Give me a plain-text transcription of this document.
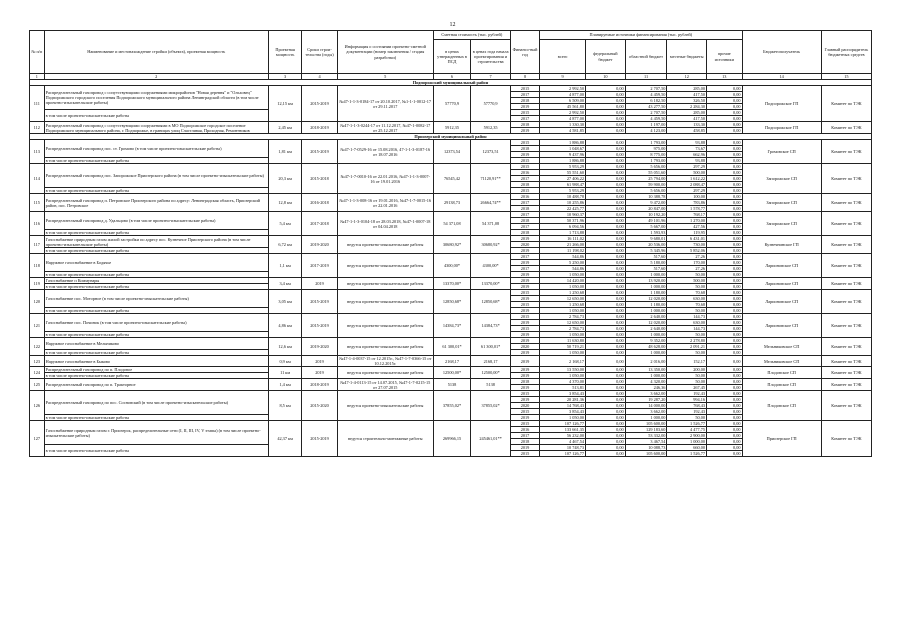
12
№ п/п	Наименование и местонахождение стройки (объекта), проектная мощность	Проектная мощность	Сроки строи-тельства (годы)	Информация о состоянии проектно-сметной документации (номер заключения / стадия разработки)	Сметная стоимость (тыс. рублей)		Финансо-вый год	Планируемые источники финансирования (тыс. рублей)					Бюджетополучатель	Главный распорядитель бюджетных средств
					в ценах утвержденных в ПСД	в ценах года начала проектирования и строительства		всего	федеральный бюджет	областной бюджет	местные бюджеты	прочие источники		
1	2	3	4	5	6	7	8	9	10	11	12	13	14	15
Подпорожский муниципальный район														
111	Распределительный газопровод с сопутствующими сооружениями микрорайонов "Новая деревня" и "Ольховец" Подпорожского городского поселения Подпорожского муниципального района Ленинградской области (в том числе проектно-изыскательские работы)	12,15 км	2015-2019	№47-1-1-3-0184-17 от 20.10.2017, №1-1-1-0012-17 от 29.11.2017	57770,9	57770,9	2015	2 992,50	0,00	2 707,50	285,00	0,00	Подпорожское ГП	Комитет по ТЭК
							2017	4 877,00	0,00	4 459,50	417,50	0,00		
							2018	6 509,00	0,00	6 182,50	326,50	0,00		
							2019	45 561,80	0,00	43 277,50	2 284,30	0,00		
	в том числе проектно-изыскательские работы						2015	2 992,50	0,00	2 707,50	285,00	0,00		
							2017	4 877,00	0,00	4 459,50	417,50	0,00		
112	Распределительный газопровод с сопутствующими сооружениями в МО Подпорожское городское поселение Подпорожского муниципального района, г. Подпорожье, в границах улиц Счастливая, Проходная, Ремонтников	2,45 км	2018-2019	№47-1-1-3-0244-17 от 11.12.2017, №47-1-0082-17 от 25.12.2017	5912,35	5912,35	2018	1 330,30	0,00	1 197,00	133,30	0,00	Подпорожское ГП	Комитет по ТЭК
							2019	4 581,85	0,00	4 123,00	458,85	0,00		
Приозерский муниципальный район														
113	Распределительный газопровод пос. ст. Громово (в том числе проектно-изыскательские работы)	1,81 км	2015-2019	№47-1-7-0529-16 от 15.08.2016, 47-1-1-3-0187-16 от 18.07.2016	12373,54	12373,51	2015	1 886,88	0,00	1 793,00	93,88	0,00	Громовское СП	Комитет по ТЭК
							2018	1 048,67	0,00	975,00	73,67	0,00		
							2019	9 437,96	0,00	8 775,00	662,96	0,00		
	в том числе проектно-изыскательские работы						2015	1 886,88	0,00	1 793,00	93,88	0,00		
114	Распределительный газопровод пос. Запорожское Приозерского района (в том числе проектно-изыскательские работы)	20,3 км	2015-2018	№47-1-7-0010-16 от 22.01.2016, №47-1-1-3-0007-16 от 19.01.2016	76545,42	71120,91**	2015	5 953,29	0,00	5 656,00	297,29	0,00	Запорожское СП	Комитет по ТЭК
							2016	55 551,60	0,00	55 051,60	500,00	0,00		
							2017	27 406,22	0,00	25 794,00	1 612,22	0,00		
							2018	61 988,47	0,00	59 900,00	2 088,47	0,00		
	в том числе проектно-изыскательские работы						2015	5 953,29	0,00	5 656,00	297,29	0,00		
115	Распределительный газопровод п. Петровское Приозерского района по адресу: Ленинградская область, Приозерский район, пос. Петровское	12,8 км	2016-2018	№47-1-1-3-008-16 от 19.01.2016, №47-1-7-0015-16 от 22.01.2016	29138,73	26664,74**	2016	10 488,78	0,00	10 388,78	100,00	0,00	Запорожское СП	Комитет по ТЭК
							2017	10 255,86	0,00	9 472,00	783,86	0,00		
							2018	22 425,77	0,00	20 847,00	1 578,77	0,00		
116	Распределительный газопровод д. Удальцово (в том числе проектно-изыскательские работы)	5,4 км	2017-2018	№47-1-1-3-0104-18 от 28.03.2018, №47-1-0007-18 от 04.04.2018	54 371,08	54 371,08	2017	10 960,37	0,00	10 192,20	768,17	0,00	Запорожское СП	Комитет по ТЭК
							2018	50 371,96	0,00	49 101,96	1 270,00	0,00		
							2017	6 094,56	0,00	5 667,00	427,56	0,00		
	в том числе проектно-изыскательские работы						2018	1 713,88	0,00	1 593,93	119,95	0,00		
117	Газоснабжение природным газом жилой застройки по адресу пос. Кузнечное Приозерского района (в том числе проектно-изыскательские работы)	6,72 км	2019-2020	ведутся проектно-изыскательские работы	30680,92*	30680,92*	2019	16 111,02	0,00	9 680,01	6 431,01	0,00	Кузнечнинское ГП	Комитет по ТЭК
							2020	21 266,00	0,00	20 536,00	730,00	0,00		
	в том числе проектно-изыскательские работы						2019	11 198,02	0,00	5 345,96	5 852,06	0,00		
118	Наружное газоснабжение в Бодячье	1,1 км	2017-2019	ведутся проектно-изыскательские работы	4300,00*	4300,00*	2017	544,86	0,00	517,60	27,26	0,00	Ларионовское СП	Комитет по ТЭК
							2019	5 250,00	0,00	5 180,00	170,00	0,00		
							2017	544,86	0,00	517,60	27,26	0,00		
	в том числе проектно-изыскательские работы						2019	1 050,00	0,00	1 000,00	50,00	0,00		
119	Газоснабжение п Коммунары	3,4 км	2019	ведутся проектно-изыскательские работы	13370,00*	13370,00*	2019	14 420,00	0,00	13 920,00	500,00	0,00	Ларионовское СП	Комитет по ТЭК
	в том числе проектно-изыскательские работы						2019	1 050,00	0,00	1 000,00	50,00	0,00		
120	Газоснабжение пос. Моторное (в том числе проектно-изыскательские работы)	3,05 км	2015-2019	ведутся проектно-изыскательские работы	12850,68*	12850,68*	2015	1 250,68	0,00	1 180,00	70,68	0,00	Ларионовское СП	Комитет по ТЭК
							2019	12 650,00	0,00	12 020,00	630,00	0,00		
							2015	1 250,68	0,00	1 180,00	70,68	0,00		
	в том числе проектно-изыскательские работы						2019	1 050,00	0,00	1 000,00	50,00	0,00		
121	Газоснабжение пос. Починок (в том числе проектно-изыскательские работы)	4,86 км	2015-2019	ведутся проектно-изыскательские работы	14384,73*	14384,73*	2015	2 784,73	0,00	2 640,00	144,73	0,00	Ларионовское СП	Комитет по ТЭК
							2019	12 650,00	0,00	12 020,00	630,00	0,00		
							2015	2 784,73	0,00	2 640,00	144,73	0,00		
	в том числе проектно-изыскательские работы						2019	1 050,00	0,00	1 000,00	50,00	0,00		
122	Наружное газоснабжение в Мельниково	12,6 км	2019-2020	ведутся проектно-изыскательские работы	61 300,01*	61 300,01*	2019	11 630,80	0,00	9 352,00	2 278,80	0,00	Мельниковское СП	Комитет по ТЭК
							2020	50 719,21	0,00	48 628,00	2 091,21	0,00		
	в том числе проектно-изыскательские работы						2019	1 050,00	0,00	1 000,00	50,00	0,00		
123	Наружное газоснабжение в Быково	0,9 км	2019	№47-1-4-0037-15 от 12.2015г., №47-1-7-0366-15 от 10.12.2015г.	2168,17	2168,17	2019	2 168,17	0,00	2 016,00	152,17	0,00	Мельниковское СП	Комитет по ТЭК
124	Распределительный газопровод по п. Плодовое	11 км	2019	ведутся проектно-изыскательские работы	12500,00*	12500,00*	2019	13 550,00	0,00	13 350,00	200,00	0,00	Плодовское СП	Комитет по ТЭК
	в том числе проектно-изыскательские работы						2019	1 050,00	0,00	1 000,00	50,00	0,00		
125	Распределительный газопровод по п. Тракторное	1,4 км	2018-2019	№47-1-4-0113-15 от 14.07.2015, №47-1-7-0215-15 от 27.07.2015	5138	5138	2018	4 370,00	0,00	4 320,00	50,00	0,00	Плодовское СП	Комитет по ТЭК
							2019	513,81	0,00	246,36	267,45	0,00		
126	Распределительный газопровод по пос. Сосновский (в том числе проектно-изыскательские работы)	8,5 км	2015-2020	ведутся проектно-изыскательские работы	37855,02*	37855,02*	2015	3 854,43	0,00	3 662,00	192,43	0,00	Плодовское СП	Комитет по ТЭК
							2019	20 281,36	0,00	19 287,20	994,16	0,00		
							2020	14 768,43	0,00	14 000,00	768,43	0,00		
							2015	3 854,43	0,00	3 662,00	192,43	0,00		
	в том числе проектно-изыскательские работы						2019	1 050,00	0,00	1 000,00	50,00	0,00		
127	Газоснабжение природным газом г. Приозерск, распределительные сети (I, II, III, IV, V этапы) (в том числе проектно-изыскательские работы)	42,37 км	2015-2019	ведутся строительно-монтажные работы	269966,15	245461,01**	2015	107 126,77	0,00	105 600,00	1 526,77	0,00	Приозерское ГП	Комитет по ТЭК
							2016	133 661,35	0,00	129 183,60	4 477,75	0,00		
							2017	56 232,00	0,00	53 332,00	2 900,00	0,00		
							2018	4 467,54	0,00	3 467,54	1 000,00	0,00		
	в том числе проектно-изыскательские работы						2019	10 748,73	0,00	10 088,73	660,00	0,00		
							2015	107 126,77	0,00	105 600,00	1 526,77	0,00		
